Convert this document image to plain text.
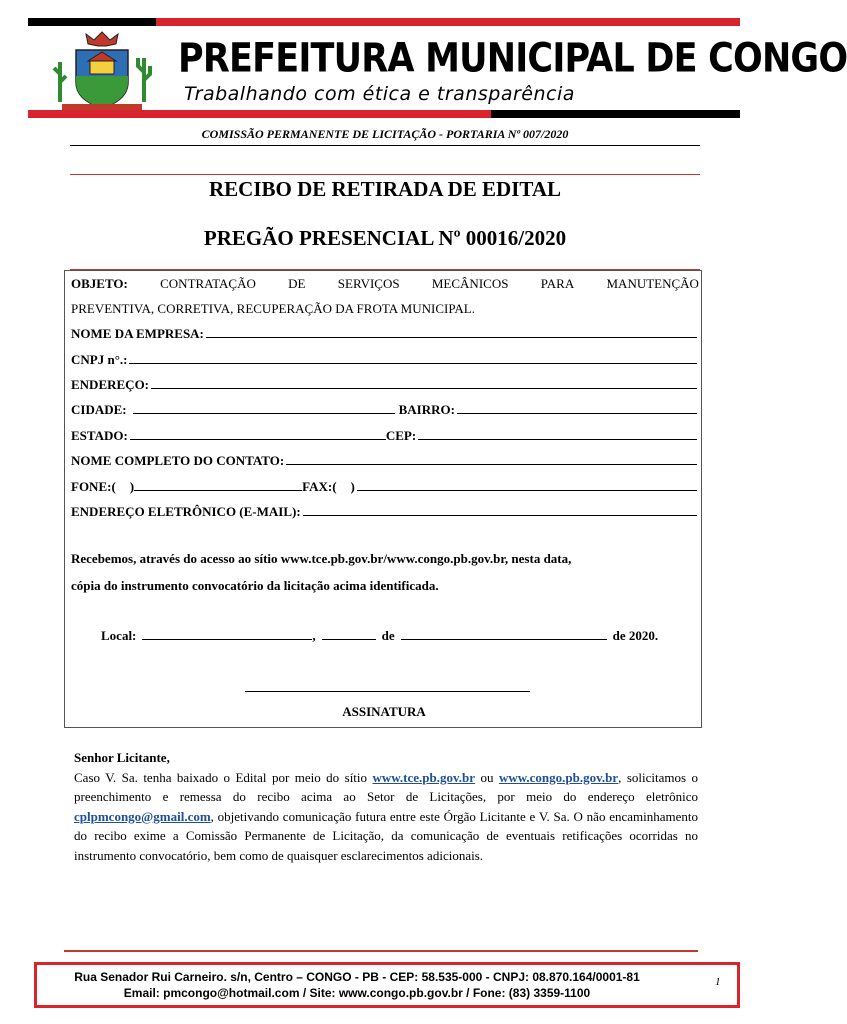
PREFEITURA MUNICIPAL DE CONGO
Trabalhando com ética e transparência
COMISSÃO PERMANENTE DE LICITAÇÃO - PORTARIA Nº 007/2020
RECIBO DE RETIRADA DE EDITAL
PREGÃO PRESENCIAL Nº 00016/2020
OBJETO: CONTRATAÇÃO DE SERVIÇOS MECÂNICOS PARA MANUTENÇÃO
PREVENTIVA, CORRETIVA, RECUPERAÇÃO DA FROTA MUNICIPAL.
NOME DA EMPRESA:
CNPJ n°.:
ENDEREÇO:
CIDADE:	BAIRRO:
ESTADO:	CEP:
NOME COMPLETO DO CONTATO:
FONE:( )	FAX:( )
ENDEREÇO ELETRÔNICO (E-MAIL):
Recebemos, através do acesso ao sítio www.tce.pb.gov.br/www.congo.pb.gov.br, nesta data,
cópia do instrumento convocatório da licitação acima identificada.
Local:	,	de	de 2020.
ASSINATURA
Senhor Licitante,

Caso V. Sa. tenha baixado o Edital por meio do sítio www.tce.pb.gov.br ou www.congo.pb.gov.br, solicitamos o preenchimento e remessa do recibo acima ao Setor de Licitações, por meio do endereço eletrônico cplpmcongo@gmail.com, objetivando comunicação futura entre este Órgão Licitante e V. Sa. O não encaminhamento do recibo exime a Comissão Permanente de Licitação, da comunicação de eventuais retificações ocorridas no instrumento convocatório, bem como de quaisquer esclarecimentos adicionais.

Rua Senador Rui Carneiro. s/n, Centro – CONGO - PB - CEP: 58.535-000 - CNPJ: 08.870.164/0001-81
Email: pmcongo@hotmail.com / Site: www.congo.pb.gov.br / Fone: (83) 3359-1100
1
